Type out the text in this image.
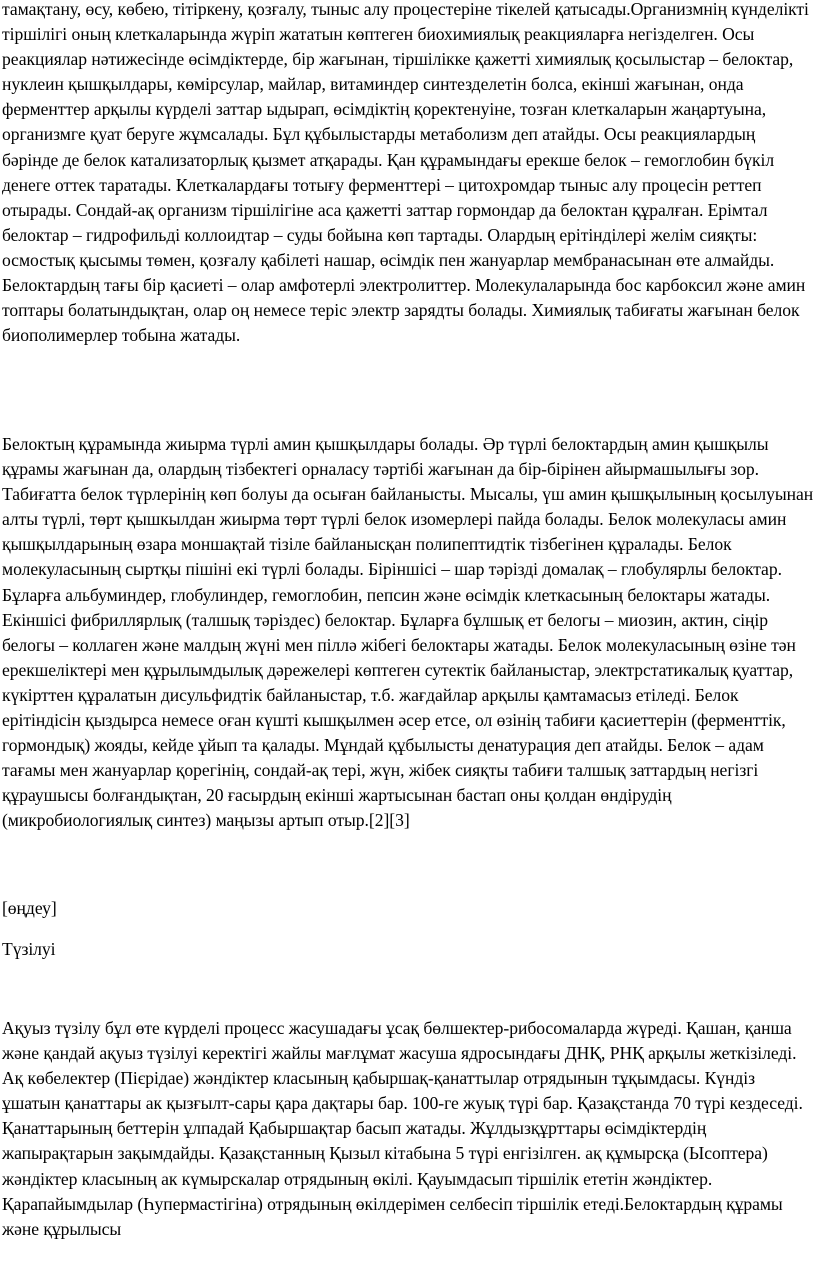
тамақтану, өсу, көбею, тітіркену, қозғалу, тыныс алу процестеріне тікелей қатысады.Организмнің күнделікті тіршілігі оның клеткаларында жүріп жататын көптеген биохимиялық реакцияларға негізделген. Осы реакциялар нәтижесінде өсімдіктерде, бір жағынан, тіршілікке қажетті химиялық қосылыстар – белоктар, нуклеин қышқылдары, көмірсулар, майлар, витаминдер синтезделетін болса, екінші жағынан, онда ферменттер арқылы күрделі заттар ыдырап, өсімдіктің қоректенуіне, тозған клеткаларын жаңартуына, организмге қуат беруге жұмсалады. Бұл құбылыстарды метаболизм деп атайды. Осы реакциялардың бәрінде де белок катализаторлық қызмет атқарады. Қан құрамындағы ерекше белок – гемоглобин бүкіл денеге оттек таратады. Клеткалардағы тотығу ферменттері – цитохромдар тыныс алу процесін реттеп отырады. Сондай-ақ организм тіршілігіне аса қажетті заттар гормондар да белоктан құралған. Ерімтал белоктар – гидрофильді коллоидтар – суды бойына көп тартады. Олардың ерітінділері желім сияқты: осмостық қысымы төмен, қозғалу қабілеті нашар, өсімдік пен жануарлар мембранасынан өте алмайды. Белоктардың тағы бір қасиеті – олар амфотерлі электролиттер. Молекулаларында бос карбоксил және амин топтары болатындықтан, олар оң немесе теріс электр зарядты болады. Химиялық табиғаты жағынан белок биополимерлер тобына жатады.

Белоктың құрамында жиырма түрлі амин қышқылдары болады. Әр түрлі белоктардың амин қышқылы құрамы жағынан да, олардың тізбектегі орналасу тәртібі жағынан да бір-бірінен айырмашылығы зор. Табиғатта белок түрлерінің көп болуы да осыған байланысты. Мысалы, үш амин қышқылының қосылуынан алты түрлі, төрт қышкылдан жиырма төрт түрлі белок изомерлері пайда болады. Белок молекуласы амин қышқылдарының өзара моншақтай тізіле байланысқан полипептидтік тізбегінен құралады. Белок молекуласының сыртқы пішіні екі түрлі болады. Біріншісі – шар тәрізді домалақ – глобулярлы белоктар. Бұларға альбуминдер, глобулиндер, гемоглобин, пепсин және өсімдік клеткасының белоктары жатады. Екіншісі фибриллярлық (талшық тәріздес) белоктар. Бұларға бұлшық ет белогы – миозин, актин, сіңір белогы – коллаген және малдың жүні мен піллә жібегі белоктары жатады. Белок молекуласының өзіне тән ерекшеліктері мен құрылымдылық дәрежелері көптеген сутектік байланыстар, электрстатикалық қуаттар, күкірттен құралатын дисульфидтік байланыстар, т.б. жағдайлар арқылы қамтамасыз етіледі. Белок ерітіндісін қыздырса немесе оған күшті кышқылмен әсер етсе, ол өзінің табиғи қасиеттерін (ферменттік, гормондық) жояды, кейде ұйып та қалады. Мұндай құбылысты денатурация деп атайды. Белок – адам тағамы мен жануарлар қорегінің, сондай-ақ тері, жүн, жібек сияқты табиғи талшық заттардың негізгі құраушысы болғандықтан, 20 ғасырдың екінші жартысынан бастап оны қолдан өндірудің (микробиологиялық синтез) маңызы артып отыр.[2][3]

[өңдеу]

Түзілуі

Ақуыз түзілу бұл өте күрделі процесс жасушадағы ұсақ бөлшектер-рибосомаларда жүреді. Қашан, қанша және қандай ақуыз түзілуі керектігі жайлы мағлұмат жасуша ядросындағы ДНҚ, РНҚ арқылы жеткізіледі. Ақ көбелектер (Пієрідае) жәндіктер класының қабыршақ-қанаттылар отрядынын тұқымдасы. Күндіз ұшатын қанаттары ак қызғылт-сары қара дақтары бар. 100-ге жуық түрі бар. Қазақстанда 70 түрі кездеседі. Қанаттарының беттерін ұлпадай Қабыршақтар басып жатады. Жұлдызқұрттары өсімдіктердің жапырақтарын зақымдайды. Қазақстанның Қызыл кітабына 5 түрі енгізілген. ақ құмырсқа (Ысоптера) жәндіктер класының ак күмырскалар отрядының өкілі. Қауымдасып тіршілік ететін жәндіктер. Қарапайымдылар (Һупермастігіна) отрядының өкілдерімен селбесіп тіршілік етеді.Белоктардың құрамы және құрылысы
